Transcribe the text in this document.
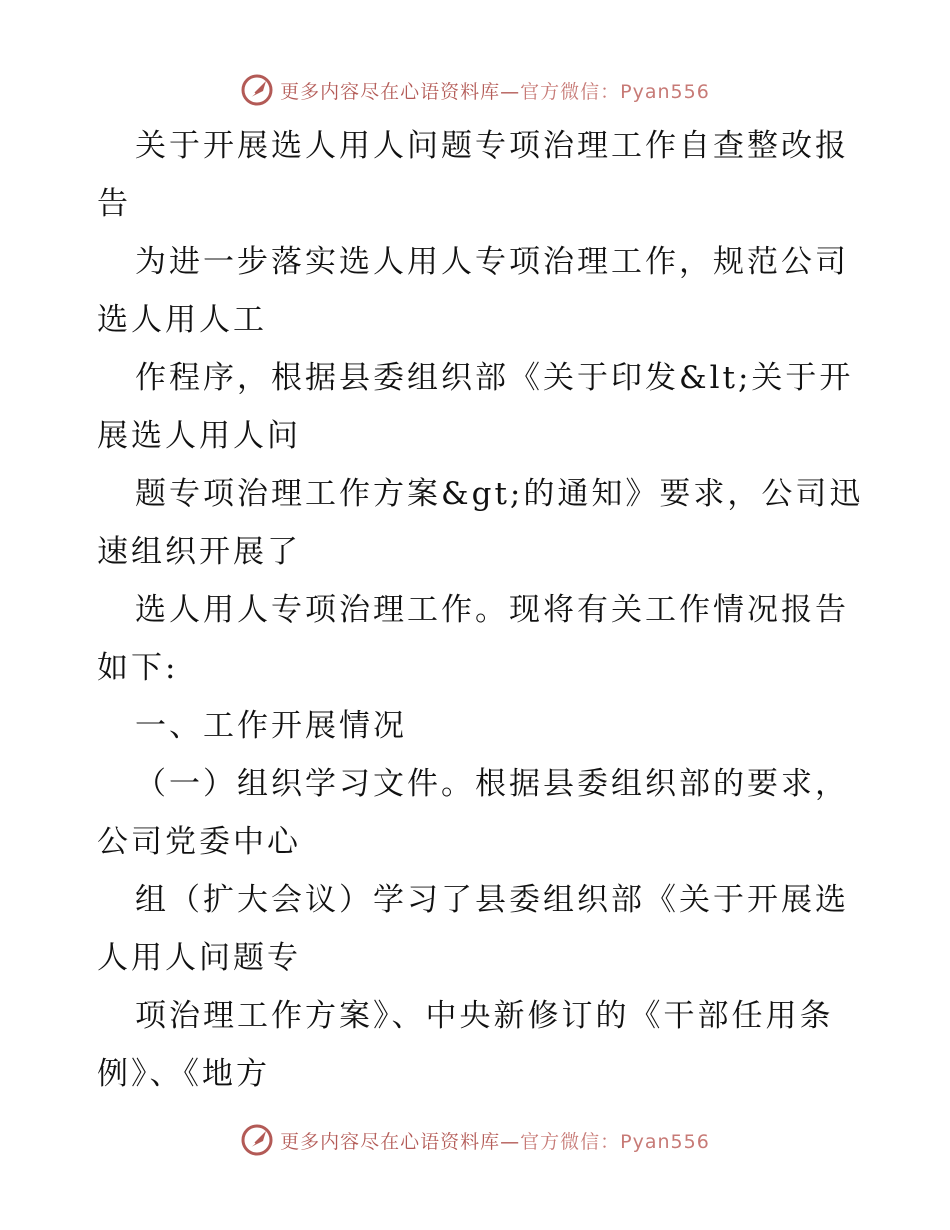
更多内容尽在心语资料库—官方微信：Pyan556
关于开展选人用人问题专项治理工作自查整改报
告
为进一步落实选人用人专项治理工作，规范公司
选人用人工
作程序，根据县委组织部《关于印发&lt;关于开
展选人用人问
题专项治理工作方案&gt;的通知》要求，公司迅
速组织开展了
选人用人专项治理工作。现将有关工作情况报告
如下:
一、工作开展情况
（一）组织学习文件。根据县委组织部的要求，
公司党委中心
组（扩大会议）学习了县委组织部《关于开展选
人用人问题专
项治理工作方案》、中央新修订的《干部任用条
例》、《地方
更多内容尽在心语资料库—官方微信：Pyan556
